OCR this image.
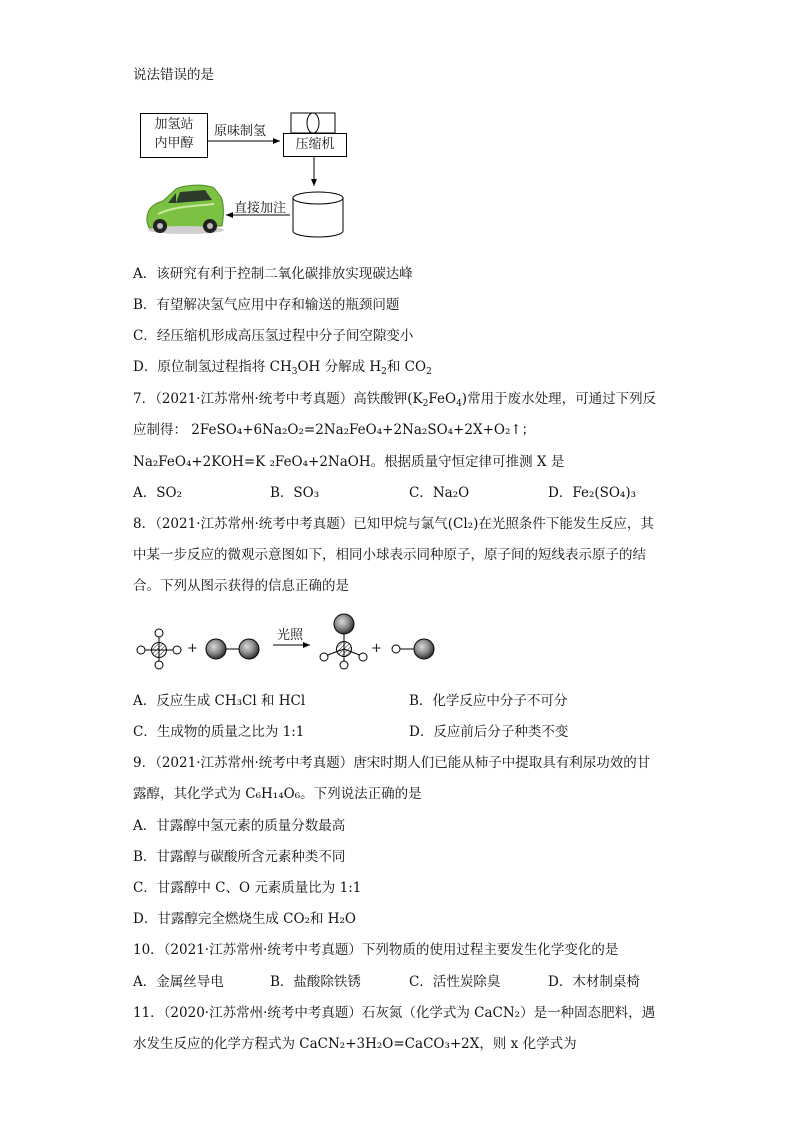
说法错误的是
加氢站
内甲醇
原味制氢
压缩机
直接加注
A．该研究有利于控制二氧化碳排放实现碳达峰
B．有望解决氢气应用中存和输送的瓶颈问题
C．经压缩机形成高压氢过程中分子间空隙变小
D．原位制氢过程指将 $CH_3OH$ 分解成 $H_2$和 $CO_2$
7．（2021·江苏常州·统考中考真题）高铁酸钾$(K_2FeO_4)$常用于废水处理，可通过下列反
应制得： 2FeSO₄+6Na₂O₂=2Na₂FeO₄+2Na₂SO₄+2X+O₂↑；
Na₂FeO₄+2KOH=K ₂FeO₄+2NaOH。根据质量守恒定律可推测 X 是
A．SO₂	B．SO₃	C．Na₂O	D．Fe₂(SO₄)₃
8．（2021·江苏常州·统考中考真题）已知甲烷与氯气(Cl₂)在光照条件下能发生反应，其
中某一步反应的微观示意图如下，相同小球表示同种原子，原子间的短线表示原子的结
合。下列从图示获得的信息正确的是
光照
+	+
A．反应生成 CH₃Cl 和 HCl	B．化学反应中分子不可分
C．生成物的质量之比为 1:1	D．反应前后分子种类不变
9．（2021·江苏常州·统考中考真题）唐宋时期人们已能从柿子中提取具有利尿功效的甘
露醇，其化学式为 C₆H₁₄O₆。下列说法正确的是
A．甘露醇中氢元素的质量分数最高
B．甘露醇与碳酸所含元素种类不同
C．甘露醇中 C、O 元素质量比为 1:1
D．甘露醇完全燃烧生成 CO₂和 H₂O
10．（2021·江苏常州·统考中考真题）下列物质的使用过程主要发生化学变化的是
A．金属丝导电	B．盐酸除铁锈	C．活性炭除臭	D．木材制桌椅
11．（2020·江苏常州·统考中考真题）石灰氮（化学式为 CaCN₂）是一种固态肥料，遇
水发生反应的化学方程式为 CaCN₂+3H₂O=CaCO₃+2X，则 x 化学式为
